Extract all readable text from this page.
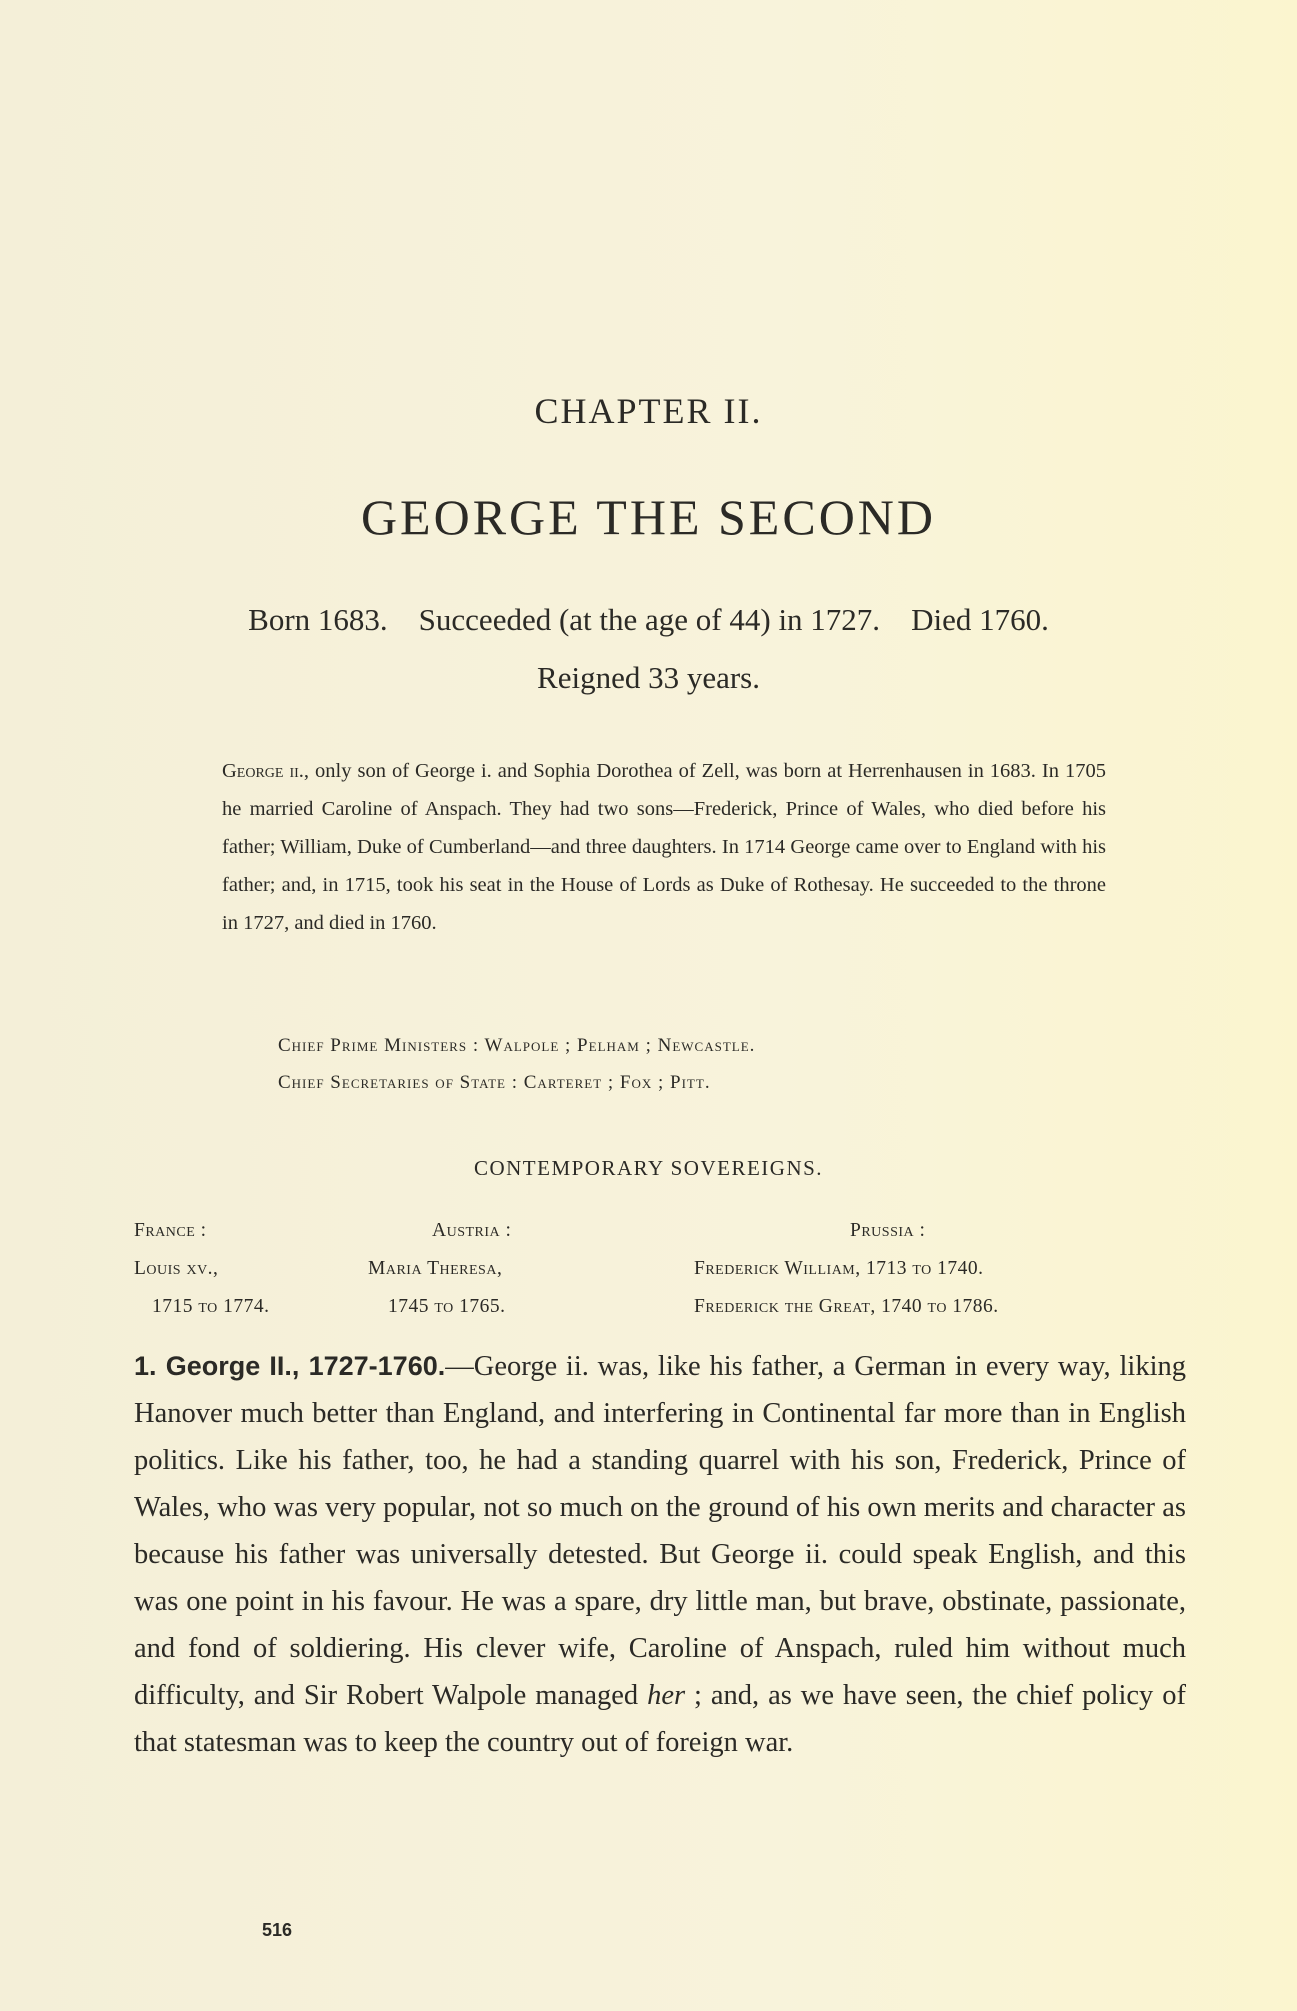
CHAPTER II.
GEORGE THE SECOND
Born 1683. Succeeded (at the age of 44) in 1727. Died 1760.
Reigned 33 years.

George ii., only son of George i. and Sophia Dorothea of Zell, was born at Herrenhausen in 1683. In 1705 he married Caroline of Anspach. They had two sons—Frederick, Prince of Wales, who died before his father; William, Duke of Cumberland—and three daughters. In 1714 George came over to England with his father; and, in 1715, took his seat in the House of Lords as Duke of Rothesay. He succeeded to the throne in 1727, and died in 1760.

Chief Prime Ministers : Walpole ; Pelham ; Newcastle.
Chief Secretaries of State : Carteret ; Fox ; Pitt.
CONTEMPORARY SOVEREIGNS.
France :
Louis xv.,
1715 to 1774.
Austria :
Maria Theresa,
1745 to 1765.
Prussia :
Frederick William, 1713 to 1740.
Frederick the Great, 1740 to 1786.
1. George II., 1727-1760.—George ii. was, like his father, a German in every way, liking Hanover much better than England, and interfering in Continental far more than in English politics. Like his father, too, he had a standing quarrel with his son, Frederick, Prince of Wales, who was very popular, not so much on the ground of his own merits and character as because his father was universally detested. But George ii. could speak English, and this was one point in his favour. He was a spare, dry little man, but brave, obstinate, passionate, and fond of soldiering. His clever wife, Caroline of Anspach, ruled him without much difficulty, and Sir Robert Walpole managed her ; and, as we have seen, the chief policy of that statesman was to keep the country out of foreign war.
516
